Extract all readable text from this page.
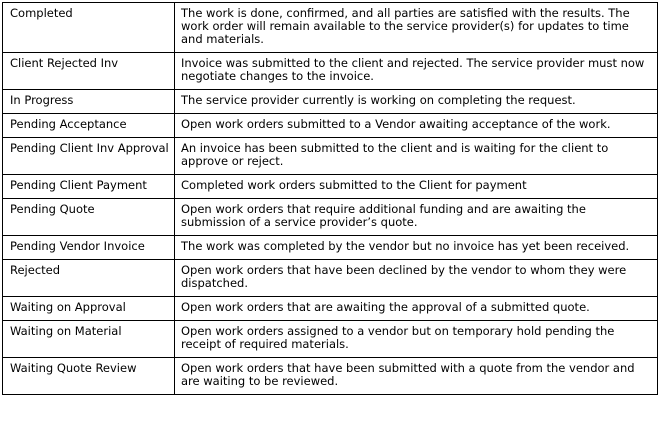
Completed	The work is done, confirmed, and all parties are satisfied with the results. The work order will remain available to the service provider(s) for updates to time and materials.
Client Rejected Inv	Invoice was submitted to the client and rejected. The service provider must now negotiate changes to the invoice.
In Progress	The service provider currently is working on completing the request.
Pending Acceptance	Open work orders submitted to a Vendor awaiting acceptance of the work.
Pending Client Inv Approval	An invoice has been submitted to the client and is waiting for the client to approve or reject.
Pending Client Payment	Completed work orders submitted to the Client for payment
Pending Quote	Open work orders that require additional funding and are awaiting the submission of a service provider’s quote.
Pending Vendor Invoice	The work was completed by the vendor but no invoice has yet been received.
Rejected	Open work orders that have been declined by the vendor to whom they were dispatched.
Waiting on Approval	Open work orders that are awaiting the approval of a submitted quote.
Waiting on Material	Open work orders assigned to a vendor but on temporary hold pending the receipt of required materials.
Waiting Quote Review	Open work orders that have been submitted with a quote from the vendor and are waiting to be reviewed.
